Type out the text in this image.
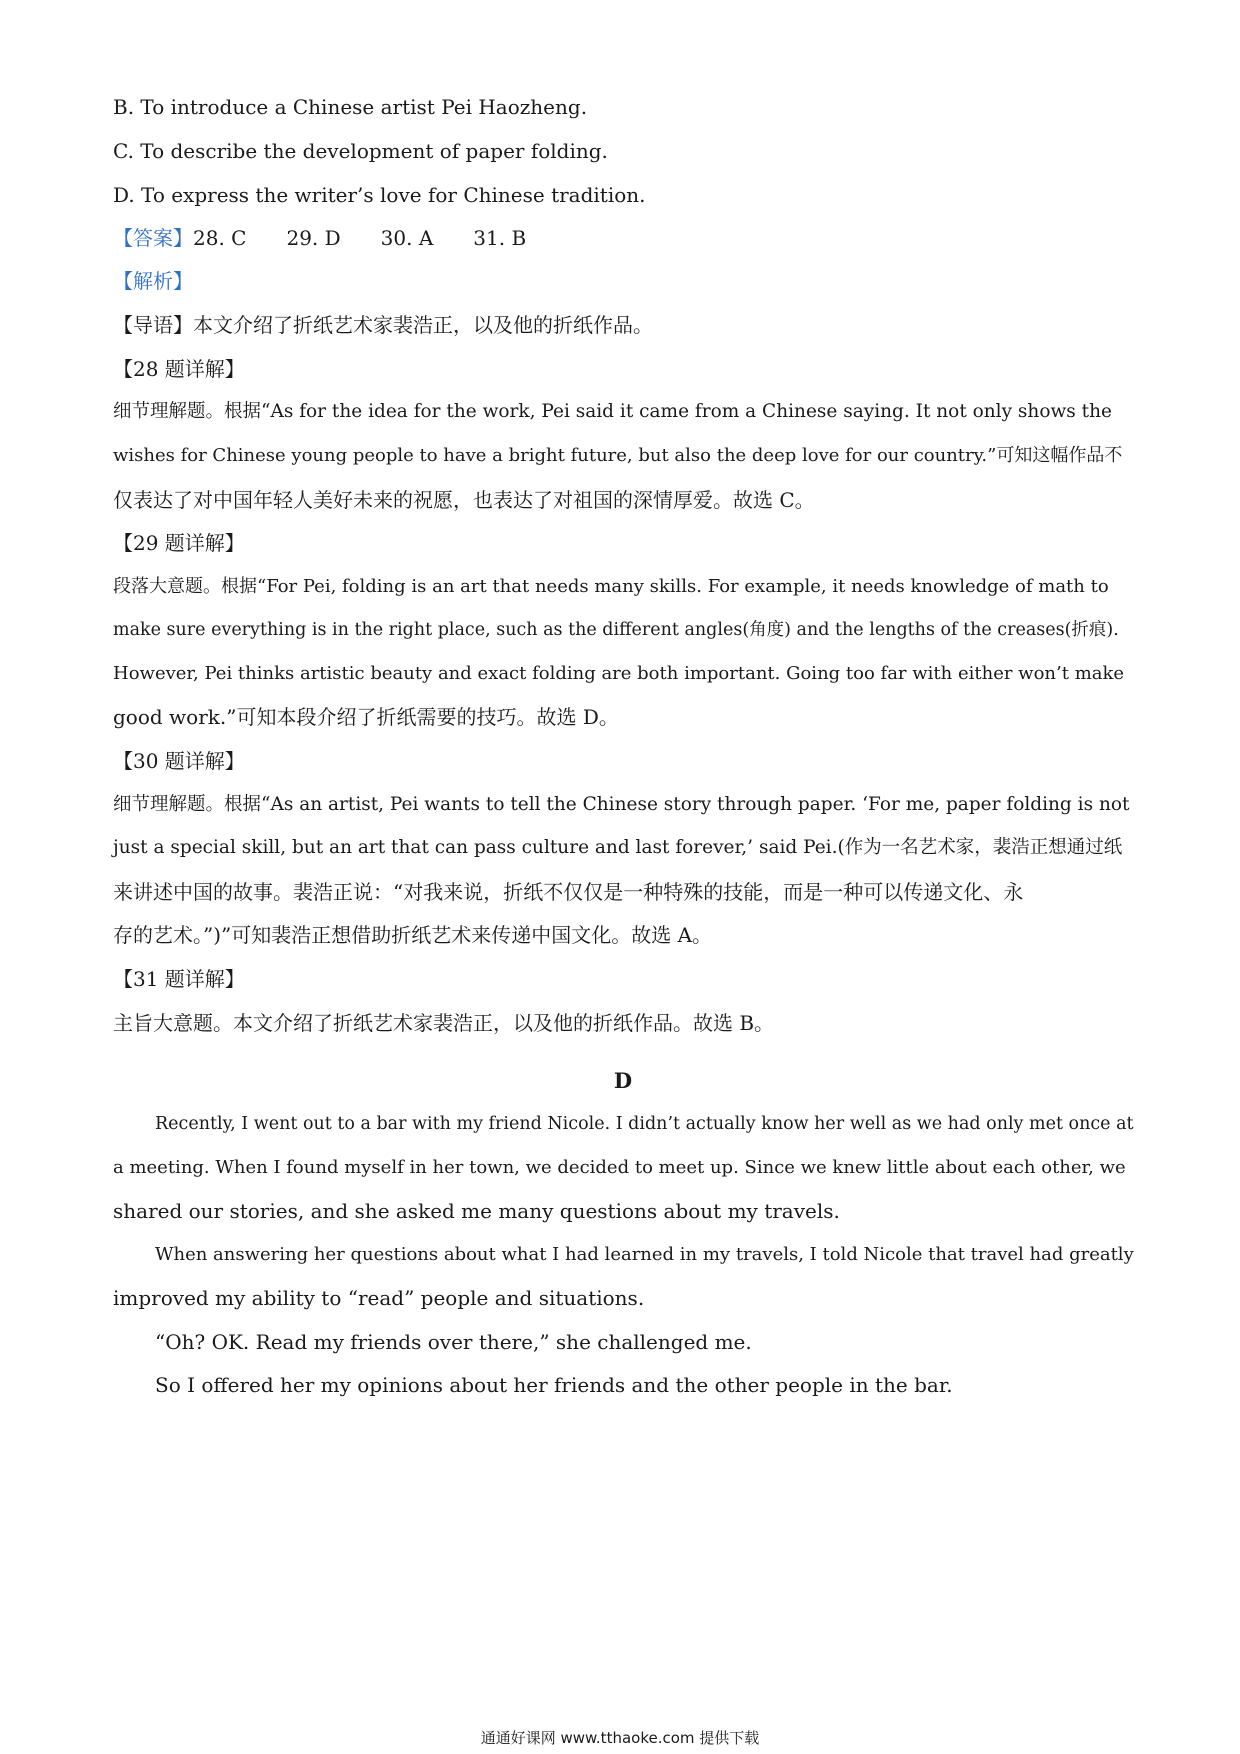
B. To introduce a Chinese artist Pei Haozheng.
C. To describe the development of paper folding.
D. To express the writer’s love for Chinese tradition.
【答案】28. C 29. D 30. A 31. B
【解析】
【导语】本文介绍了折纸艺术家裴浩正，以及他的折纸作品。
【28 题详解】
细节理解题。根据“As for the idea for the work, Pei said it came from a Chinese saying. It not only shows the
wishes for Chinese young people to have a bright future, but also the deep love for our country.”可知这幅作品不
仅表达了对中国年轻人美好未来的祝愿，也表达了对祖国的深情厚爱。故选 C。
【29 题详解】
段落大意题。根据“For Pei, folding is an art that needs many skills. For example, it needs knowledge of math to
make sure everything is in the right place, such as the different angles(角度) and the lengths of the creases(折痕).
However, Pei thinks artistic beauty and exact folding are both important. Going too far with either won’t make
good work.”可知本段介绍了折纸需要的技巧。故选 D。
【30 题详解】
细节理解题。根据“As an artist, Pei wants to tell the Chinese story through paper. ‘For me, paper folding is not
just a special skill, but an art that can pass culture and last forever,’ said Pei.(作为一名艺术家，裴浩正想通过纸
来讲述中国的故事。裴浩正说：“对我来说，折纸不仅仅是一种特殊的技能，而是一种可以传递文化、永
存的艺术。”)”可知裴浩正想借助折纸艺术来传递中国文化。故选 A。
【31 题详解】
主旨大意题。本文介绍了折纸艺术家裴浩正，以及他的折纸作品。故选 B。
D
Recently, I went out to a bar with my friend Nicole. I didn’t actually know her well as we had only met once at
a meeting. When I found myself in her town, we decided to meet up. Since we knew little about each other, we
shared our stories, and she asked me many questions about my travels.
When answering her questions about what I had learned in my travels, I told Nicole that travel had greatly
improved my ability to “read” people and situations.
“Oh? OK. Read my friends over there,” she challenged me.
So I offered her my opinions about her friends and the other people in the bar.
通通好课网 www.tthaoke.com 提供下载
